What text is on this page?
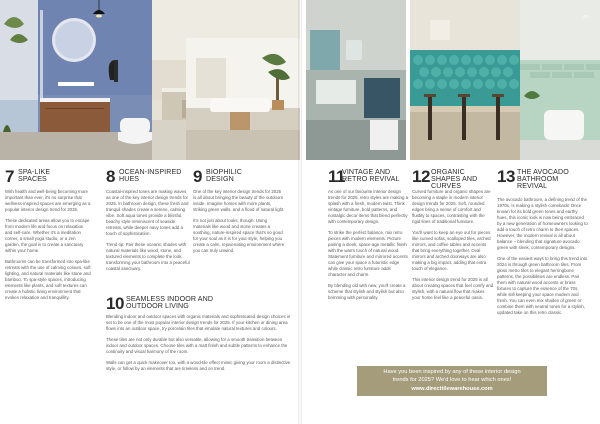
7 SPA-LIKE SPACES

With health and well-being becoming more important than ever, it's no surprise that wellness-inspired spaces are emerging as a popular interior design trend for 2025.

These dedicated areas allow you to escape from modern life and focus on relaxation and self-care. Whether it's a meditation corner, a small yoga studio, or a zen garden, the goal is to create a sanctuary within your home.

Bathrooms can be transformed into spa-like retreats with the use of calming colours, soft lighting, and natural materials like stone and bamboo. To spa-style spaces, introducing elements like plants, and soft textures can create a holistic living environment that evokes relaxation and tranquillity.

8 OCEAN-INSPIRED HUES

Coastal-inspired tones are making waves as one of the key interior design trends for 2025. In bathroom design, these fresh and tranquil shades create a serene, calming vibe. Soft aqua tones provide a blissful, beachy style reminiscent of seaside retreats, while deeper navy tones add a touch of sophistication.

Trend tip: Pair these oceanic shades with natural materials like wood, stone, and textured elements to complete the look, transforming your bathroom into a peaceful coastal sanctuary.

9 BIOPHILIC DESIGN

One of the key interior design trends for 2025 is all about bringing the beauty of the outdoors inside. Imagine homes with more plants, striking green walls, and a flood of natural light.

It's not just about looks, though. Using materials like wood and stone creates a soothing, nature-inspired space that's so good for your soul as it is for your style, helping you create a calm, rejuvenating environment where you can truly unwind.

10 SEAMLESS INDOOR AND OUTDOOR LIVING

Blending indoor and outdoor spaces with organic materials and sophisticated design choices is set to be one of the most popular interior design trends for 2025. If your kitchen or dining area flows into an outdoor space, try porcelain tiles that emulate natural textures and colours.

These tiles are not only durable but also versatile, allowing for a smooth transition between indoor and outdoor spaces. Choose tiles with a matt finish and subtle patterns to enhance the continuity and visual harmony of the room.

Walls can get a quick makeover too, with a wood-tile effect mimic giving your room a distinctive style, or follow by an elements that are timeless and on trend.

45
11
VINTAGE AND RETRO REVIVAL

As one of our favourite interior design trends for 2025, retro styles are making a splash with a fresh, modern twist. Think vintage furniture, bold patterns, and nostalgic decor items that blend perfectly with contemporary design.

To strike the perfect balance, mix retro pieces with modern elements. Picture pairing a sleek, space-age metallic finish with the warm touch of natural wood. Statement furniture and mirrored accents can give your space a futuristic edge while classic retro furniture adds character and charm.

By blending old with new, you'll create a scheme that stylish and stylish but also brimming with personality.

12 ORGANIC SHAPES AND CURVES

Curved furniture and organic shapes are becoming a staple in modern interior design trends for 2025. Soft, rounded edges bring a sense of comfort and fluidity to spaces, contrasting with the rigid lines of traditional furniture.

You'll want to keep an eye out for pieces like curved sofas, scalloped tiles, arched mirrors, and coffee tables and accents that bring everything together. Oval mirrors and arched doorways are also making a big impact, adding that extra touch of elegance.

This interior design trend for 2025 is all about creating spaces that feel comfy and stylish, with a natural flow that makes your home feel like a peaceful oasis.

13 THE AVOCADO BATHROOM REVIVAL

The avocado bathroom, a defining trend of the 1970s, is making a stylish comeback! Once known for its bold green tones and earthy hues, this iconic look is now being embraced by a new generation of homeowners looking to add a touch of retro charm to their spaces. However, the modern revival is all about balance – blending that signature avocado green with sleek, contemporary designs.

One of the easiest ways to bring this trend into 2024 is through green bathroom tiles. From gloss metro tiles to elegant herringbone patterns, the possibilities are endless. Pair them with natural wood accents or brass fixtures to capture the essence of the 70s, while still keeping your space modern and fresh. You can even mix shades of green or combine them with neutral tones for a stylish, updated take on this retro classic.

Have you been inspired by any of these interior design
trends for 2025? We'd love to hear which ones!
www.directtilewarehouse.com
